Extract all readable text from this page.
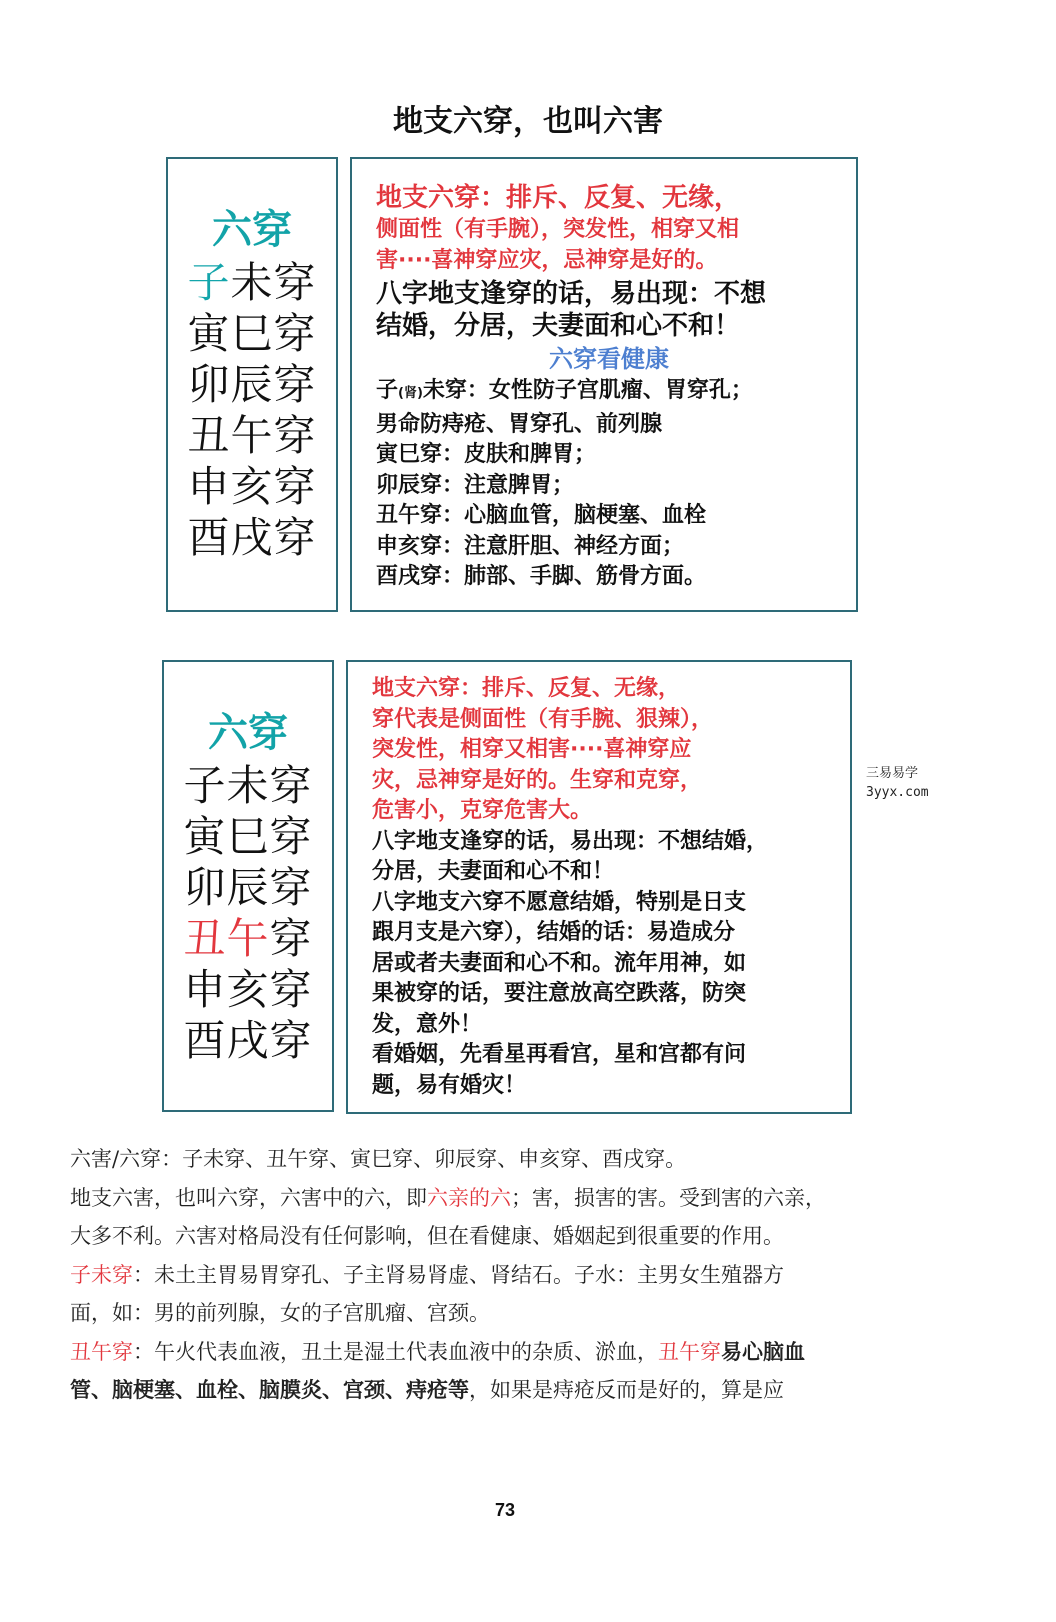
地支六穿，也叫六害
六穿
子未穿
寅巳穿
卯辰穿
丑午穿
申亥穿
酉戌穿
地支六穿：排斥、反复、无缘，
侧面性（有手腕），突发性，相穿又相
害····喜神穿应灾，忌神穿是好的。
八字地支逢穿的话，易出现：不想
结婚，分居，夫妻面和心不和！
六穿看健康
子(肾)未穿：女性防子宫肌瘤、胃穿孔；
男命防痔疮、胃穿孔、前列腺
寅巳穿：皮肤和脾胃；
卯辰穿：注意脾胃；
丑午穿：心脑血管，脑梗塞、血栓
申亥穿：注意肝胆、神经方面；
酉戌穿：肺部、手脚、筋骨方面。
六穿
子未穿
寅巳穿
卯辰穿
丑午穿
申亥穿
酉戌穿
地支六穿：排斥、反复、无缘，
穿代表是侧面性（有手腕、狠辣），
突发性，相穿又相害····喜神穿应
灾，忌神穿是好的。生穿和克穿，
危害小，克穿危害大。
八字地支逢穿的话，易出现：不想结婚，
分居，夫妻面和心不和！
八字地支六穿不愿意结婚，特别是日支
跟月支是六穿），结婚的话：易造成分
居或者夫妻面和心不和。流年用神，如
果被穿的话，要注意放高空跌落，防突
发，意外！
看婚姻，先看星再看宫，星和宫都有问
题，易有婚灾！
三易易学
3yyx.com
六害/六穿：子未穿、丑午穿、寅巳穿、卯辰穿、申亥穿、酉戌穿。
地支六害，也叫六穿，六害中的六，即六亲的六；害，损害的害。受到害的六亲，
大多不利。六害对格局没有任何影响，但在看健康、婚姻起到很重要的作用。
子未穿：未土主胃易胃穿孔、子主肾易肾虚、肾结石。子水：主男女生殖器方
面，如：男的前列腺，女的子宫肌瘤、宫颈。
丑午穿：午火代表血液，丑土是湿土代表血液中的杂质、淤血，丑午穿易心脑血
管、脑梗塞、血栓、脑膜炎、宫颈、痔疮等，如果是痔疮反而是好的，算是应
73
